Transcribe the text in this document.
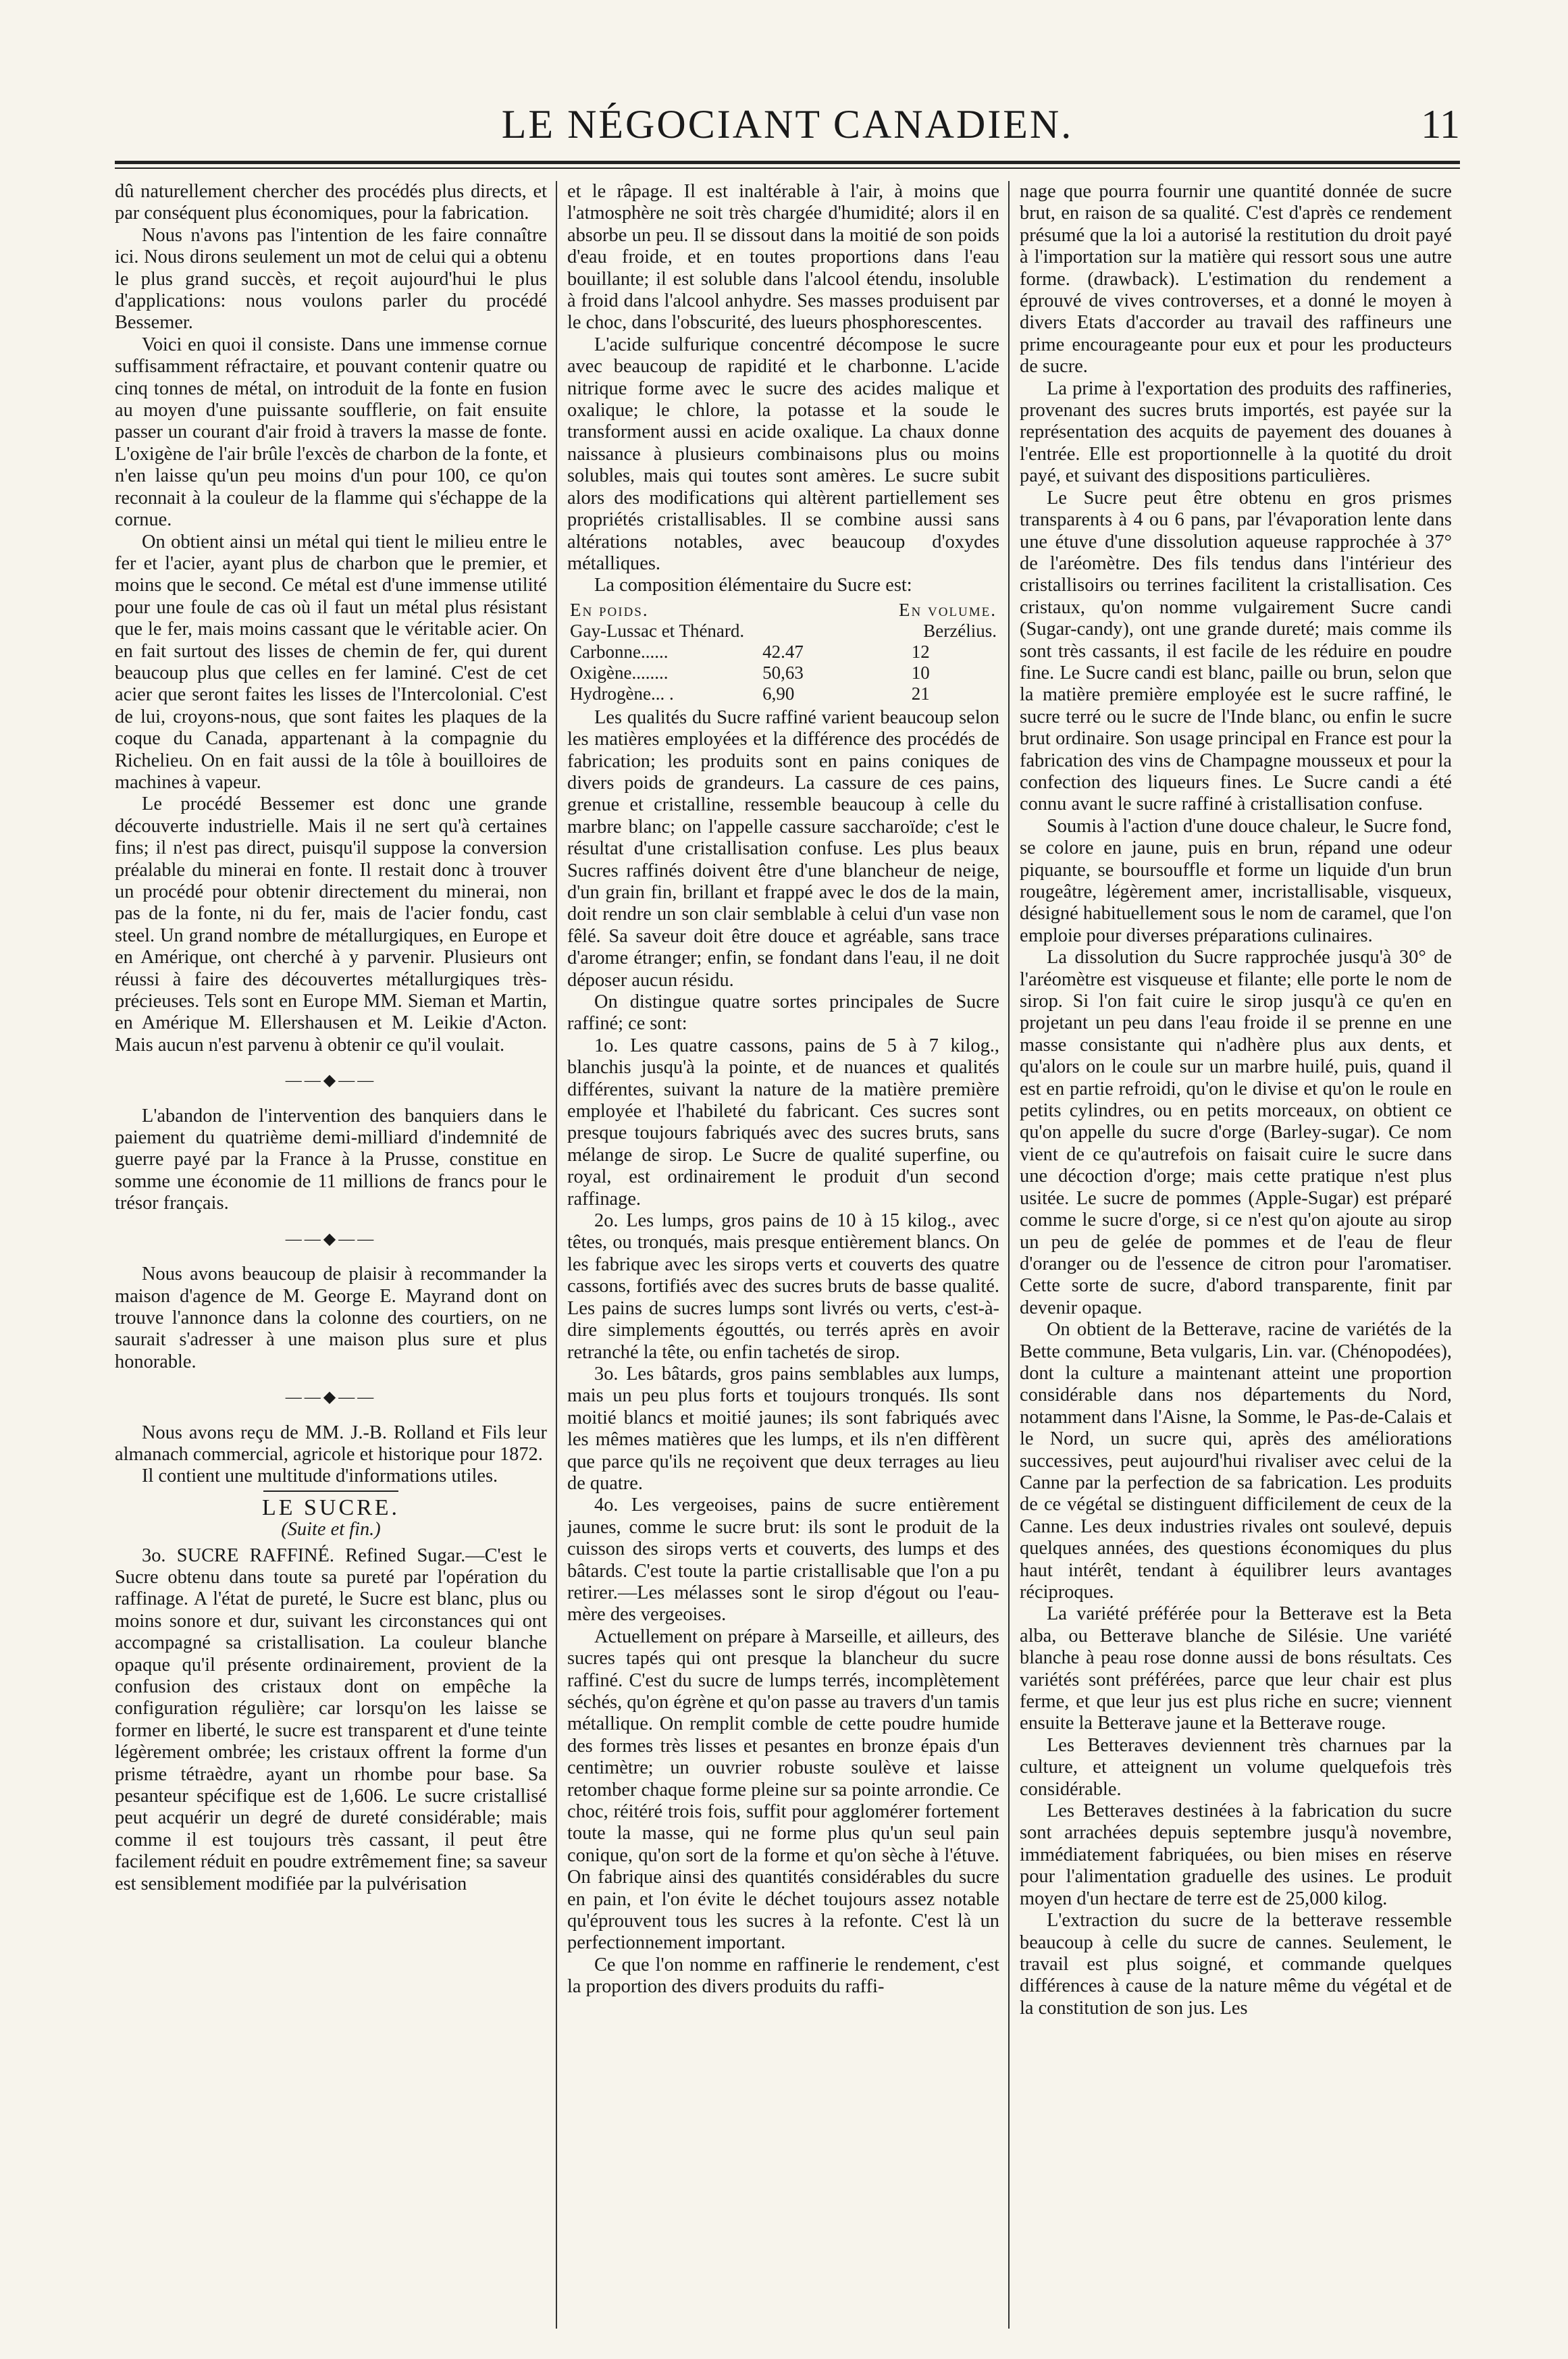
LE NÉGOCIANT CANADIEN.	11

dû naturellement chercher des procédés plus directs, et par conséquent plus économiques, pour la fabrication.

Nous n'avons pas l'intention de les faire connaître ici. Nous dirons seulement un mot de celui qui a obtenu le plus grand succès, et reçoit aujourd'hui le plus d'applications: nous voulons parler du procédé Bessemer.

Voici en quoi il consiste. Dans une immense cornue suffisamment réfractaire, et pouvant contenir quatre ou cinq tonnes de métal, on introduit de la fonte en fusion au moyen d'une puissante soufflerie, on fait ensuite passer un courant d'air froid à travers la masse de fonte. L'oxigène de l'air brûle l'excès de charbon de la fonte, et n'en laisse qu'un peu moins d'un pour 100, ce qu'on reconnait à la couleur de la flamme qui s'échappe de la cornue.

On obtient ainsi un métal qui tient le milieu entre le fer et l'acier, ayant plus de charbon que le premier, et moins que le second. Ce métal est d'une immense utilité pour une foule de cas où il faut un métal plus résistant que le fer, mais moins cassant que le véritable acier. On en fait surtout des lisses de chemin de fer, qui durent beaucoup plus que celles en fer laminé. C'est de cet acier que seront faites les lisses de l'Intercolonial. C'est de lui, croyons-nous, que sont faites les plaques de la coque du Canada, appartenant à la compagnie du Richelieu. On en fait aussi de la tôle à bouilloires de machines à vapeur.

Le procédé Bessemer est donc une grande découverte industrielle. Mais il ne sert qu'à certaines fins; il n'est pas direct, puisqu'il suppose la conversion préalable du minerai en fonte. Il restait donc à trouver un procédé pour obtenir directement du minerai, non pas de la fonte, ni du fer, mais de l'acier fondu, cast steel. Un grand nombre de métallurgiques, en Europe et en Amérique, ont cherché à y parvenir. Plusieurs ont réussi à faire des découvertes métallurgiques très-précieuses. Tels sont en Europe MM. Sieman et Martin, en Amérique M. Ellershausen et M. Leikie d'Acton. Mais aucun n'est parvenu à obtenir ce qu'il voulait.

——◆——

L'abandon de l'intervention des banquiers dans le paiement du quatrième demi-milliard d'indemnité de guerre payé par la France à la Prusse, constitue en somme une économie de 11 millions de francs pour le trésor français.

——◆——

Nous avons beaucoup de plaisir à recommander la maison d'agence de M. George E. Mayrand dont on trouve l'annonce dans la colonne des courtiers, on ne saurait s'adresser à une maison plus sure et plus honorable.

——◆——

Nous avons reçu de MM. J.-B. Rolland et Fils leur almanach commercial, agricole et historique pour 1872.

Il contient une multitude d'informations utiles.

LE SUCRE.
(Suite et fin.)

3o. SUCRE RAFFINÉ. Refined Sugar.—C'est le Sucre obtenu dans toute sa pureté par l'opération du raffinage. A l'état de pureté, le Sucre est blanc, plus ou moins sonore et dur, suivant les circonstances qui ont accompagné sa cristallisation. La couleur blanche opaque qu'il présente ordinairement, provient de la confusion des cristaux dont on empêche la configuration régulière; car lorsqu'on les laisse se former en liberté, le sucre est transparent et d'une teinte légèrement ombrée; les cristaux offrent la forme d'un prisme tétraèdre, ayant un rhombe pour base. Sa pesanteur spécifique est de 1,606. Le sucre cristallisé peut acquérir un degré de dureté considérable; mais comme il est toujours très cassant, il peut être facilement réduit en poudre extrêmement fine; sa saveur est sensiblement modifiée par la pulvérisation

et le râpage. Il est inaltérable à l'air, à moins que l'atmosphère ne soit très chargée d'humidité; alors il en absorbe un peu. Il se dissout dans la moitié de son poids d'eau froide, et en toutes proportions dans l'eau bouillante; il est soluble dans l'alcool étendu, insoluble à froid dans l'alcool anhydre. Ses masses produisent par le choc, dans l'obscurité, des lueurs phosphorescentes.

L'acide sulfurique concentré décompose le sucre avec beaucoup de rapidité et le charbonne. L'acide nitrique forme avec le sucre des acides malique et oxalique; le chlore, la potasse et la soude le transforment aussi en acide oxalique. La chaux donne naissance à plusieurs combinaisons plus ou moins solubles, mais qui toutes sont amères. Le sucre subit alors des modifications qui altèrent partiellement ses propriétés cristallisables. Il se combine aussi sans altérations notables, avec beaucoup d'oxydes métalliques.

La composition élémentaire du Sucre est:

En poids.		En volume.
Gay-Lussac et Thénard.		Berzélius.
Carbonne......	42.47	12
Oxigène........	50,63	10
Hydrogène... .	6,90	21

Les qualités du Sucre raffiné varient beaucoup selon les matières employées et la différence des procédés de fabrication; les produits sont en pains coniques de divers poids de grandeurs. La cassure de ces pains, grenue et cristalline, ressemble beaucoup à celle du marbre blanc; on l'appelle cassure saccharoïde; c'est le résultat d'une cristallisation confuse. Les plus beaux Sucres raffinés doivent être d'une blancheur de neige, d'un grain fin, brillant et frappé avec le dos de la main, doit rendre un son clair semblable à celui d'un vase non fêlé. Sa saveur doit être douce et agréable, sans trace d'arome étranger; enfin, se fondant dans l'eau, il ne doit déposer aucun résidu.

On distingue quatre sortes principales de Sucre raffiné; ce sont:

1o. Les quatre cassons, pains de 5 à 7 kilog., blanchis jusqu'à la pointe, et de nuances et qualités différentes, suivant la nature de la matière première employée et l'habileté du fabricant. Ces sucres sont presque toujours fabriqués avec des sucres bruts, sans mélange de sirop. Le Sucre de qualité superfine, ou royal, est ordinairement le produit d'un second raffinage.

2o. Les lumps, gros pains de 10 à 15 kilog., avec têtes, ou tronqués, mais presque entièrement blancs. On les fabrique avec les sirops verts et couverts des quatre cassons, fortifiés avec des sucres bruts de basse qualité. Les pains de sucres lumps sont livrés ou verts, c'est-à-dire simplements égouttés, ou terrés après en avoir retranché la tête, ou enfin tachetés de sirop.

3o. Les bâtards, gros pains semblables aux lumps, mais un peu plus forts et toujours tronqués. Ils sont moitié blancs et moitié jaunes; ils sont fabriqués avec les mêmes matières que les lumps, et ils n'en diffèrent que parce qu'ils ne reçoivent que deux terrages au lieu de quatre.

4o. Les vergeoises, pains de sucre entièrement jaunes, comme le sucre brut: ils sont le produit de la cuisson des sirops verts et couverts, des lumps et des bâtards. C'est toute la partie cristallisable que l'on a pu retirer.—Les mélasses sont le sirop d'égout ou l'eau-mère des vergeoises.

Actuellement on prépare à Marseille, et ailleurs, des sucres tapés qui ont presque la blancheur du sucre raffiné. C'est du sucre de lumps terrés, incomplètement séchés, qu'on égrène et qu'on passe au travers d'un tamis métallique. On remplit comble de cette poudre humide des formes très lisses et pesantes en bronze épais d'un centimètre; un ouvrier robuste soulève et laisse retomber chaque forme pleine sur sa pointe arrondie. Ce choc, réitéré trois fois, suffit pour agglomérer fortement toute la masse, qui ne forme plus qu'un seul pain conique, qu'on sort de la forme et qu'on sèche à l'étuve. On fabrique ainsi des quantités considérables du sucre en pain, et l'on évite le déchet toujours assez notable qu'éprouvent tous les sucres à la refonte. C'est là un perfectionnement important.

Ce que l'on nomme en raffinerie le rendement, c'est la proportion des divers produits du raffi-

nage que pourra fournir une quantité donnée de sucre brut, en raison de sa qualité. C'est d'après ce rendement présumé que la loi a autorisé la restitution du droit payé à l'importation sur la matière qui ressort sous une autre forme. (drawback). L'estimation du rendement a éprouvé de vives controverses, et a donné le moyen à divers Etats d'accorder au travail des raffineurs une prime encourageante pour eux et pour les producteurs de sucre.

La prime à l'exportation des produits des raffineries, provenant des sucres bruts importés, est payée sur la représentation des acquits de payement des douanes à l'entrée. Elle est proportionnelle à la quotité du droit payé, et suivant des dispositions particulières.

Le Sucre peut être obtenu en gros prismes transparents à 4 ou 6 pans, par l'évaporation lente dans une étuve d'une dissolution aqueuse rapprochée à 37° de l'aréomètre. Des fils tendus dans l'intérieur des cristallisoirs ou terrines facilitent la cristallisation. Ces cristaux, qu'on nomme vulgairement Sucre candi (Sugar-candy), ont une grande dureté; mais comme ils sont très cassants, il est facile de les réduire en poudre fine. Le Sucre candi est blanc, paille ou brun, selon que la matière première employée est le sucre raffiné, le sucre terré ou le sucre de l'Inde blanc, ou enfin le sucre brut ordinaire. Son usage principal en France est pour la fabrication des vins de Champagne mousseux et pour la confection des liqueurs fines. Le Sucre candi a été connu avant le sucre raffiné à cristallisation confuse.

Soumis à l'action d'une douce chaleur, le Sucre fond, se colore en jaune, puis en brun, répand une odeur piquante, se boursouffle et forme un liquide d'un brun rougeâtre, légèrement amer, incristallisable, visqueux, désigné habituellement sous le nom de caramel, que l'on emploie pour diverses préparations culinaires.

La dissolution du Sucre rapprochée jusqu'à 30° de l'aréomètre est visqueuse et filante; elle porte le nom de sirop. Si l'on fait cuire le sirop jusqu'à ce qu'en en projetant un peu dans l'eau froide il se prenne en une masse consistante qui n'adhère plus aux dents, et qu'alors on le coule sur un marbre huilé, puis, quand il est en partie refroidi, qu'on le divise et qu'on le roule en petits cylindres, ou en petits morceaux, on obtient ce qu'on appelle du sucre d'orge (Barley-sugar). Ce nom vient de ce qu'autrefois on faisait cuire le sucre dans une décoction d'orge; mais cette pratique n'est plus usitée. Le sucre de pommes (Apple-Sugar) est préparé comme le sucre d'orge, si ce n'est qu'on ajoute au sirop un peu de gelée de pommes et de l'eau de fleur d'oranger ou de l'essence de citron pour l'aromatiser. Cette sorte de sucre, d'abord transparente, finit par devenir opaque.

On obtient de la Betterave, racine de variétés de la Bette commune, Beta vulgaris, Lin. var. (Chénopodées), dont la culture a maintenant atteint une proportion considérable dans nos départements du Nord, notamment dans l'Aisne, la Somme, le Pas-de-Calais et le Nord, un sucre qui, après des améliorations successives, peut aujourd'hui rivaliser avec celui de la Canne par la perfection de sa fabrication. Les produits de ce végétal se distinguent difficilement de ceux de la Canne. Les deux industries rivales ont soulevé, depuis quelques années, des questions économiques du plus haut intérêt, tendant à équilibrer leurs avantages réciproques.

La variété préférée pour la Betterave est la Beta alba, ou Betterave blanche de Silésie. Une variété blanche à peau rose donne aussi de bons résultats. Ces variétés sont préférées, parce que leur chair est plus ferme, et que leur jus est plus riche en sucre; viennent ensuite la Betterave jaune et la Betterave rouge.

Les Betteraves deviennent très charnues par la culture, et atteignent un volume quelquefois très considérable.

Les Betteraves destinées à la fabrication du sucre sont arrachées depuis septembre jusqu'à novembre, immédiatement fabriquées, ou bien mises en réserve pour l'alimentation graduelle des usines. Le produit moyen d'un hectare de terre est de 25,000 kilog.

L'extraction du sucre de la betterave ressemble beaucoup à celle du sucre de cannes. Seulement, le travail est plus soigné, et commande quelques différences à cause de la nature même du végétal et de la constitution de son jus. Les
